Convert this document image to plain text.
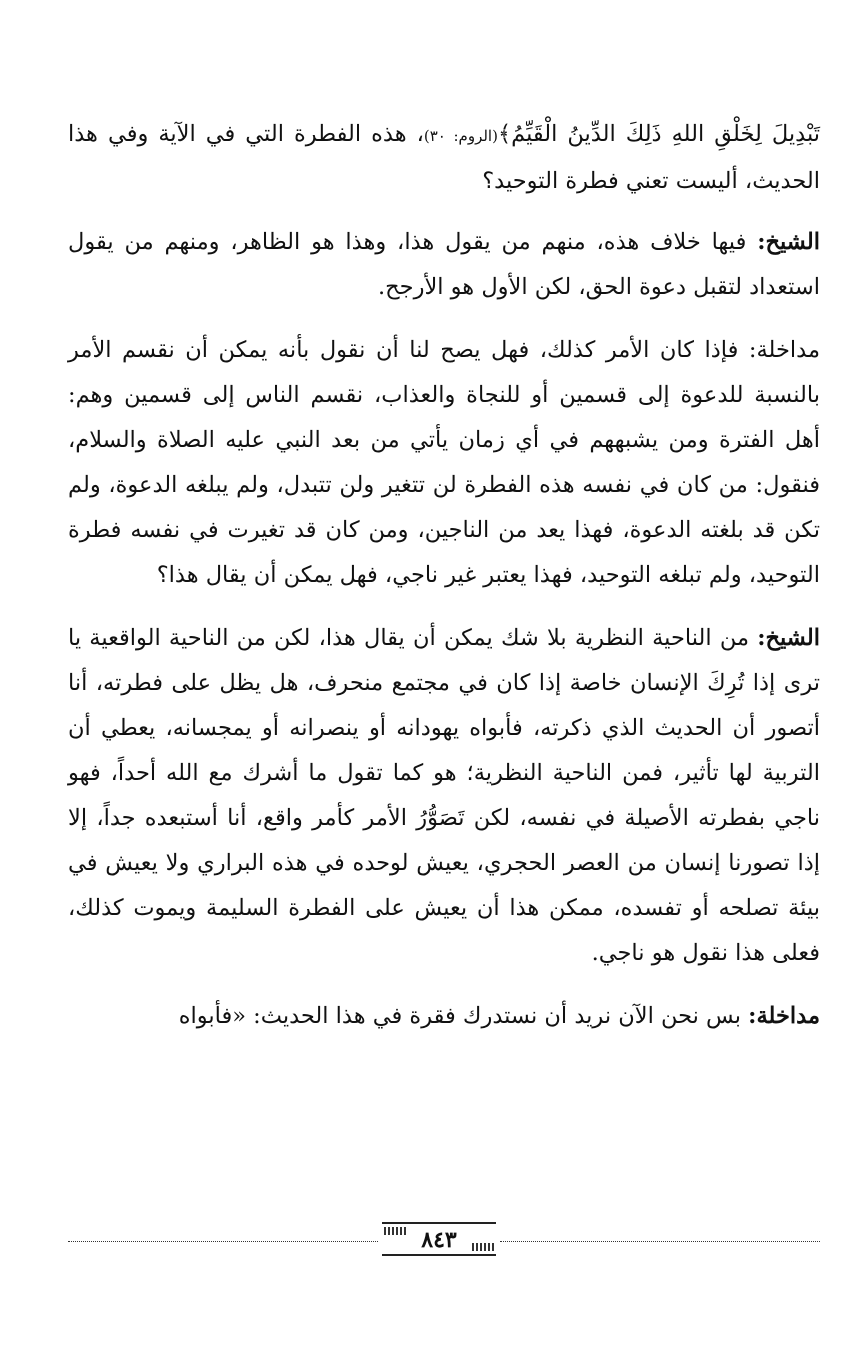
تَبْدِيلَ لِخَلْقِ اللهِ ذَلِكَ الدِّينُ الْقَيِّمُ﴾(الروم: ٣٠)، هذه الفطرة التي في الآية وفي هذا الحديث، أليست تعني فطرة التوحيد؟

الشيخ: فيها خلاف هذه، منهم من يقول هذا، وهذا هو الظاهر، ومنهم من يقول استعداد لتقبل دعوة الحق، لكن الأول هو الأرجح.

مداخلة: فإذا كان الأمر كذلك، فهل يصح لنا أن نقول بأنه يمكن أن نقسم الأمر بالنسبة للدعوة إلى قسمين أو للنجاة والعذاب، نقسم الناس إلى قسمين وهم: أهل الفترة ومن يشبههم في أي زمان يأتي من بعد النبي عليه الصلاة والسلام، فنقول: من كان في نفسه هذه الفطرة لن تتغير ولن تتبدل، ولم يبلغه الدعوة، ولم تكن قد بلغته الدعوة، فهذا يعد من الناجين، ومن كان قد تغيرت في نفسه فطرة التوحيد، ولم تبلغه التوحيد، فهذا يعتبر غير ناجي، فهل يمكن أن يقال هذا؟

الشيخ: من الناحية النظرية بلا شك يمكن أن يقال هذا، لكن من الناحية الواقعية يا ترى إذا تُرِكَ الإنسان خاصة إذا كان في مجتمع منحرف، هل يظل على فطرته، أنا أتصور أن الحديث الذي ذكرته، فأبواه يهودانه أو ينصرانه أو يمجسانه، يعطي أن التربية لها تأثير، فمن الناحية النظرية؛ هو كما تقول ما أشرك مع الله أحداً، فهو ناجي بفطرته الأصيلة في نفسه، لكن تَصَوُّرُ الأمر كأمر واقع، أنا أستبعده جداً، إلا إذا تصورنا إنسان من العصر الحجري، يعيش لوحده في هذه البراري ولا يعيش في بيئة تصلحه أو تفسده، ممكن هذا أن يعيش على الفطرة السليمة ويموت كذلك، فعلى هذا نقول هو ناجي.

مداخلة: بس نحن الآن نريد أن نستدرك فقرة في هذا الحديث: «فأبواه

٨٤٣
